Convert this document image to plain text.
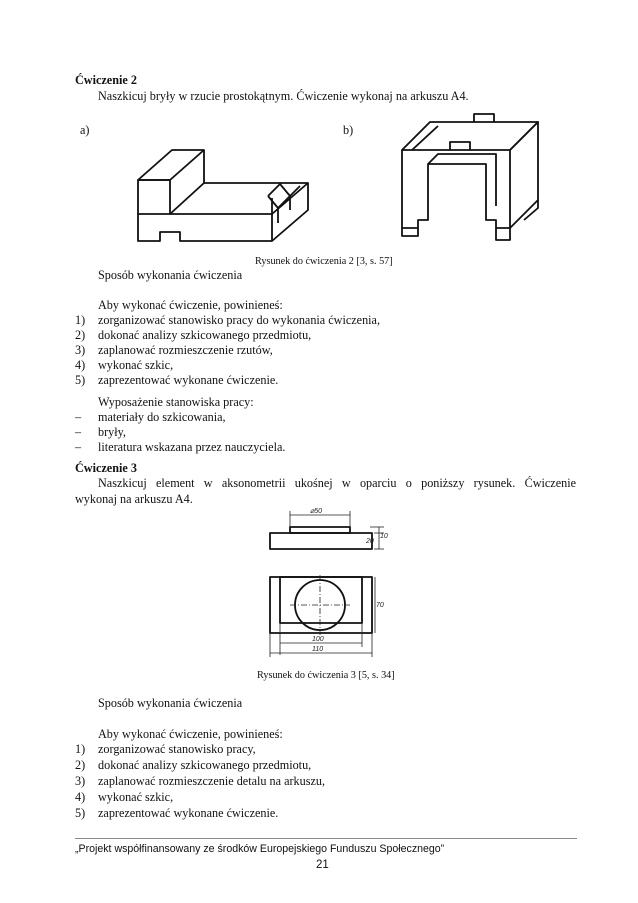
Ćwiczenie 2
Naszkicuj bryły w rzucie prostokątnym. Ćwiczenie wykonaj na arkuszu A4.
a)	b)
Rysunek do ćwiczenia 2 [3, s. 57]
Sposób wykonania ćwiczenia
Aby wykonać ćwiczenie, powinieneś:
1) zorganizować stanowisko pracy do wykonania ćwiczenia,
2) dokonać analizy szkicowanego przedmiotu,
3) zaplanować rozmieszczenie rzutów,
4) wykonać szkic,
5) zaprezentować wykonane ćwiczenie.
Wyposażenie stanowiska pracy:
– materiały do szkicowania,
– bryły,
– literatura wskazana przez nauczyciela.
Ćwiczenie 3
Naszkicuj element w aksonometrii ukośnej w oparciu o poniższy rysunek. Ćwiczenie
wykonaj na arkuszu A4.
⌀50
20
10
70
100
110
Rysunek do ćwiczenia 3 [5, s. 34]
Sposób wykonania ćwiczenia
Aby wykonać ćwiczenie, powinieneś:
1) zorganizować stanowisko pracy,
2) dokonać analizy szkicowanego przedmiotu,
3) zaplanować rozmieszczenie detalu na arkuszu,
4) wykonać szkic,
5) zaprezentować wykonane ćwiczenie.
„Projekt współfinansowany ze środków Europejskiego Funduszu Społecznego”
21
